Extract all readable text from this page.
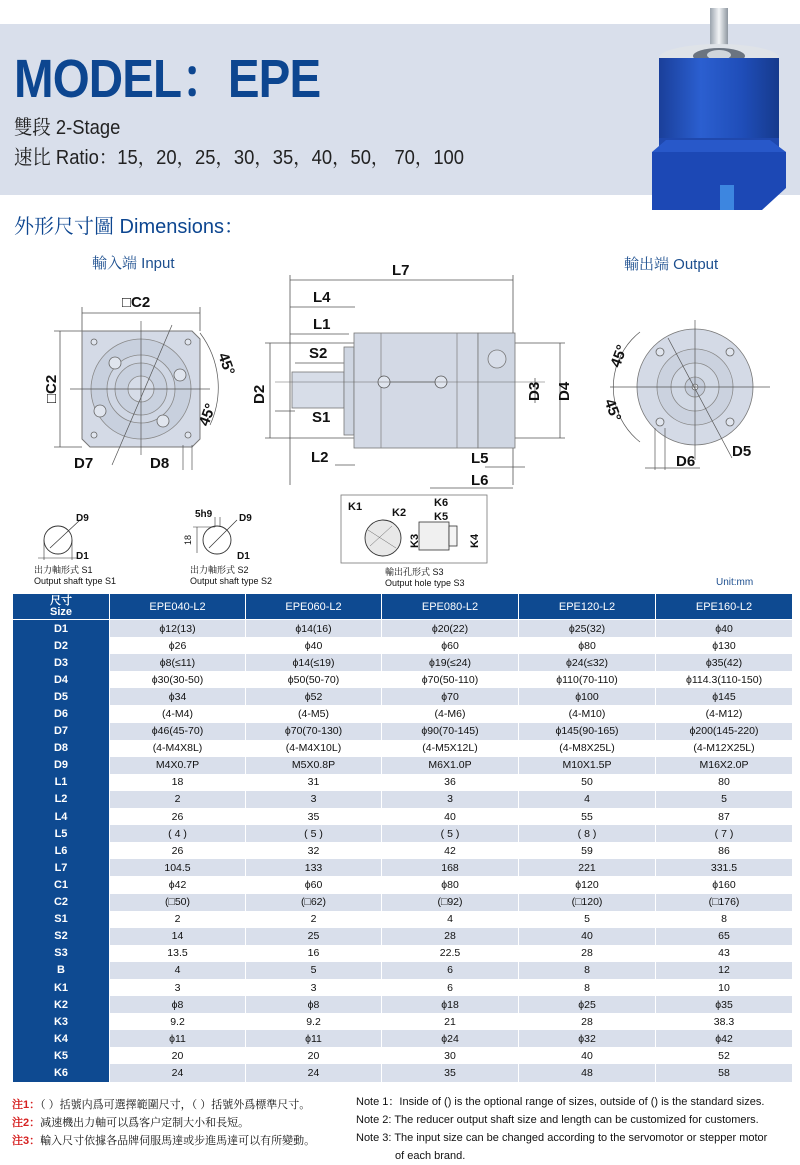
MODEL：EPE
雙段 2-Stage
速比 Ratio：15，20，25，30，35，40，50， 70，100
外形尺寸圖 Dimensions：
輸入端 Input	輸出端 Output
□C2
□C2
45°
45°
D7	D8
L7
L4
L1
S2
D2
S1
L2
D3 D4
L5
L6
45°
45°
D5
D6
D9
D1
出力軸形式 S1
Output shaft type S1
5h9	D9
18
D1
出力軸形式 S2
Output shaft type S2
K1	K2
K3
K6
K5
K4
輸出孔形式 S3
Output hole type S3	Unit:mm
尺寸
Size	EPE040-L2	EPE060-L2	EPE080-L2	EPE120-L2	EPE160-L2
D1	ϕ12(13)	ϕ14(16)	ϕ20(22)	ϕ25(32)	ϕ40
D2	ϕ26	ϕ40	ϕ60	ϕ80	ϕ130
D3	ϕ8(≤11)	ϕ14(≤19)	ϕ19(≤24)	ϕ24(≤32)	ϕ35(42)
D4	ϕ30(30-50)	ϕ50(50-70)	ϕ70(50-110)	ϕ110(70-110)	ϕ114.3(110-150)
D5	ϕ34	ϕ52	ϕ70	ϕ100	ϕ145
D6	(4-M4)	(4-M5)	(4-M6)	(4-M10)	(4-M12)
D7	ϕ46(45-70)	ϕ70(70-130)	ϕ90(70-145)	ϕ145(90-165)	ϕ200(145-220)
D8	(4-M4X8L)	(4-M4X10L)	(4-M5X12L)	(4-M8X25L)	(4-M12X25L)
D9	M4X0.7P	M5X0.8P	M6X1.0P	M10X1.5P	M16X2.0P
L1	18	31	36	50	80
L2	2	3	3	4	5
L4	26	35	40	55	87
L5	( 4 )	( 5 )	( 5 )	( 8 )	( 7 )
L6	26	32	42	59	86
L7	104.5	133	168	221	331.5
C1	ϕ42	ϕ60	ϕ80	ϕ120	ϕ160
C2	(□50)	(□62)	(□92)	(□120)	(□176)
S1	2	2	4	5	8
S2	14	25	28	40	65
S3	13.5	16	22.5	28	43
B	4	5	6	8	12
K1	3	3	6	8	10
K2	ϕ8	ϕ8	ϕ18	ϕ25	ϕ35
K3	9.2	9.2	21	28	38.3
K4	ϕ11	ϕ11	ϕ24	ϕ32	ϕ42
K5	20	20	30	40	52
K6	24	24	35	48	58
注1：（ ）括號内爲可選擇範圍尺寸，（ ）括號外爲標準尺寸。
注2：减速機出力軸可以爲客户定制大小和長短。
注3：輸入尺寸依據各品牌伺服馬達或步進馬達可以有所變動。
Note 1：Inside of () is the optional range of sizes, outside of () is the standard sizes.
Note 2: The reducer output shaft size and length can be customized for customers.
Note 3: The input size can be changed according to the servomotor or stepper motor
of each brand.
